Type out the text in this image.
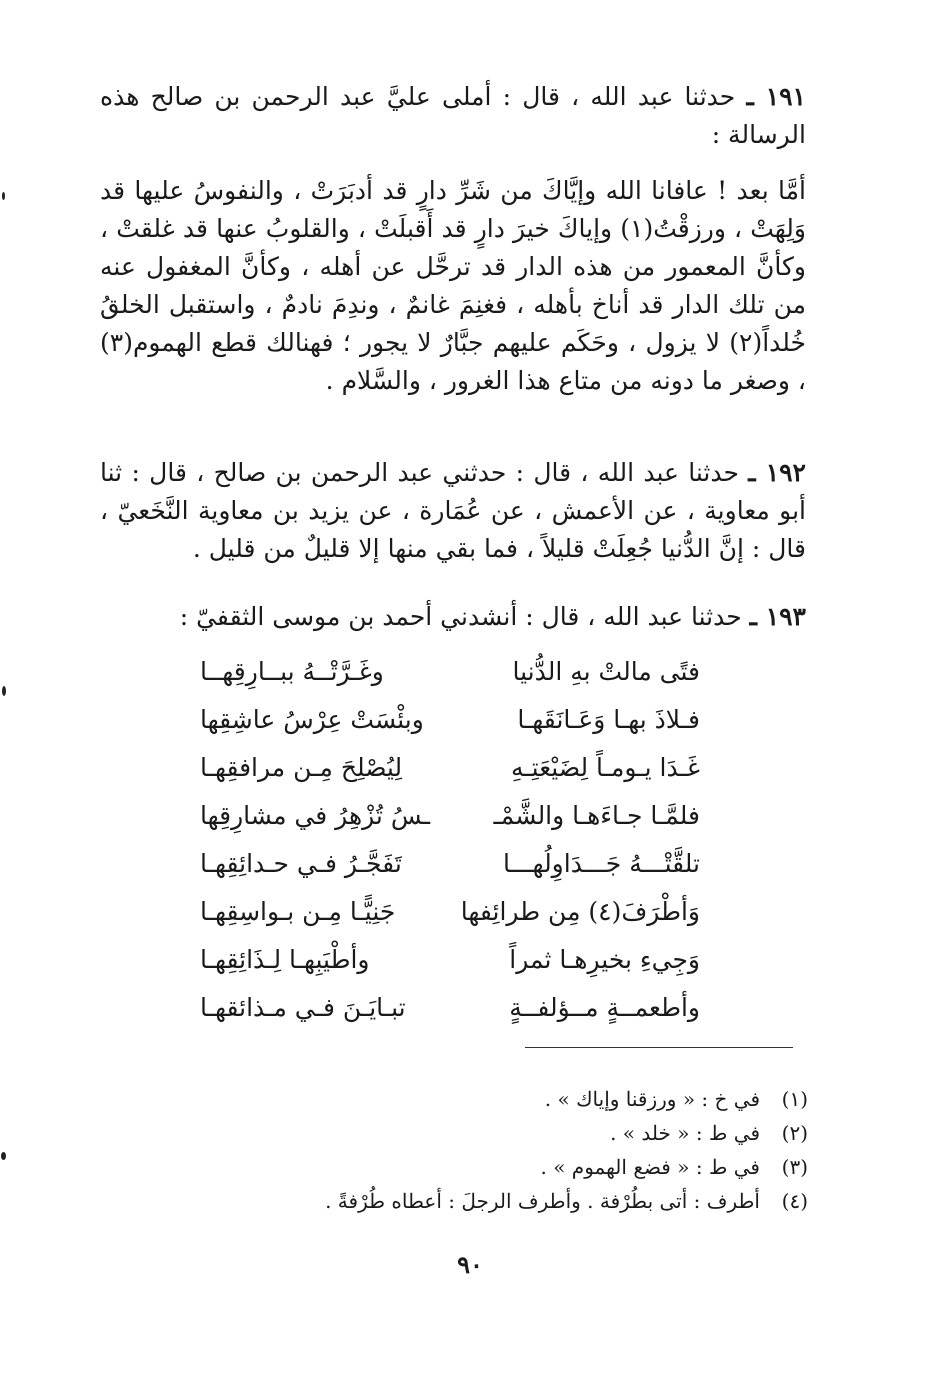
١٩١ ـ حدثنا عبد الله ، قال : أملى عليَّ عبد الرحمن بن صالح هذه الرسالة :
أمَّا بعد ! عافانا الله وإيَّاكَ من شَرِّ دارٍ قد أدبَرَتْ ، والنفوسُ عليها قد وَلِهَتْ ، ورزقْتُ(١) وإياكَ خيرَ دارٍ قد أَقبلَتْ ، والقلوبُ عنها قد غلقتْ ، وكأنَّ المعمور من هذه الدار قد ترحَّل عن أهله ، وكأنَّ المغفول عنه من تلك الدار قد أناخ بأهله ، فغنِمَ غانمٌ ، وندِمَ نادمٌ ، واستقبل الخلقُ خُلداً(٢) لا يزول ، وحَكَم عليهم جبَّارٌ لا يجور ؛ فهنالك قطع الهموم(٣) ، وصغر ما دونه من متاع هذا الغرور ، والسَّلام .
١٩٢ ـ حدثنا عبد الله ، قال : حدثني عبد الرحمن بن صالح ، قال : ثنا أبو معاوية ، عن الأعمش ، عن عُمَارة ، عن يزيد بن معاوية النَّخَعيّ ، قال : إنَّ الدُّنيا جُعِلَتْ قليلاً ، فما بقي منها إلا قليلٌ من قليل .
١٩٣ ـ حدثنا عبد الله ، قال : أنشدني أحمد بن موسى الثقفيّ :
فتًى مالتْ بهِ الدُّنيا
وغَـرَّتْــهُ ببــارِقِهــا
فـلاذَ بهـا وَعَـانَقَهـا
وبئْسَتْ عِرْسُ عاشِقِها
غَـدَا يـومـاً لِضَيْعَتِـهِ
لِيُصْلِحَ مِـن مرافقِهـا
فلمَّـا جـاءَهـا والشَّمْـ
ـسُ تُزْهِرُ في مشارِقِها
تلقَّتْـــهُ جَـــدَاوِلُهـــا
تَفَجَّـرُ فـي حـدائِقِهـا
وَأطْرَفَ(٤) مِن طرائِفها
جَنِيًّـا مِـن بـواسِقِهـا
وَجِيءِ بخيرِهـا ثمراً
وأطْيَبِهـا لِـذَائِقِهـا
وأطعمــةٍ مــؤلفــةٍ
تبـايَـنَ فـي مـذائقهـا
(١)في خ : « ورزقنا وإياك » .
(٢)في ط : « خلد » .
(٣)في ط : « فضع الهموم » .
(٤)أطرف : أتى بطُرْفة . وأطرف الرجلَ : أعطاه طُرْفةً .
٩٠
